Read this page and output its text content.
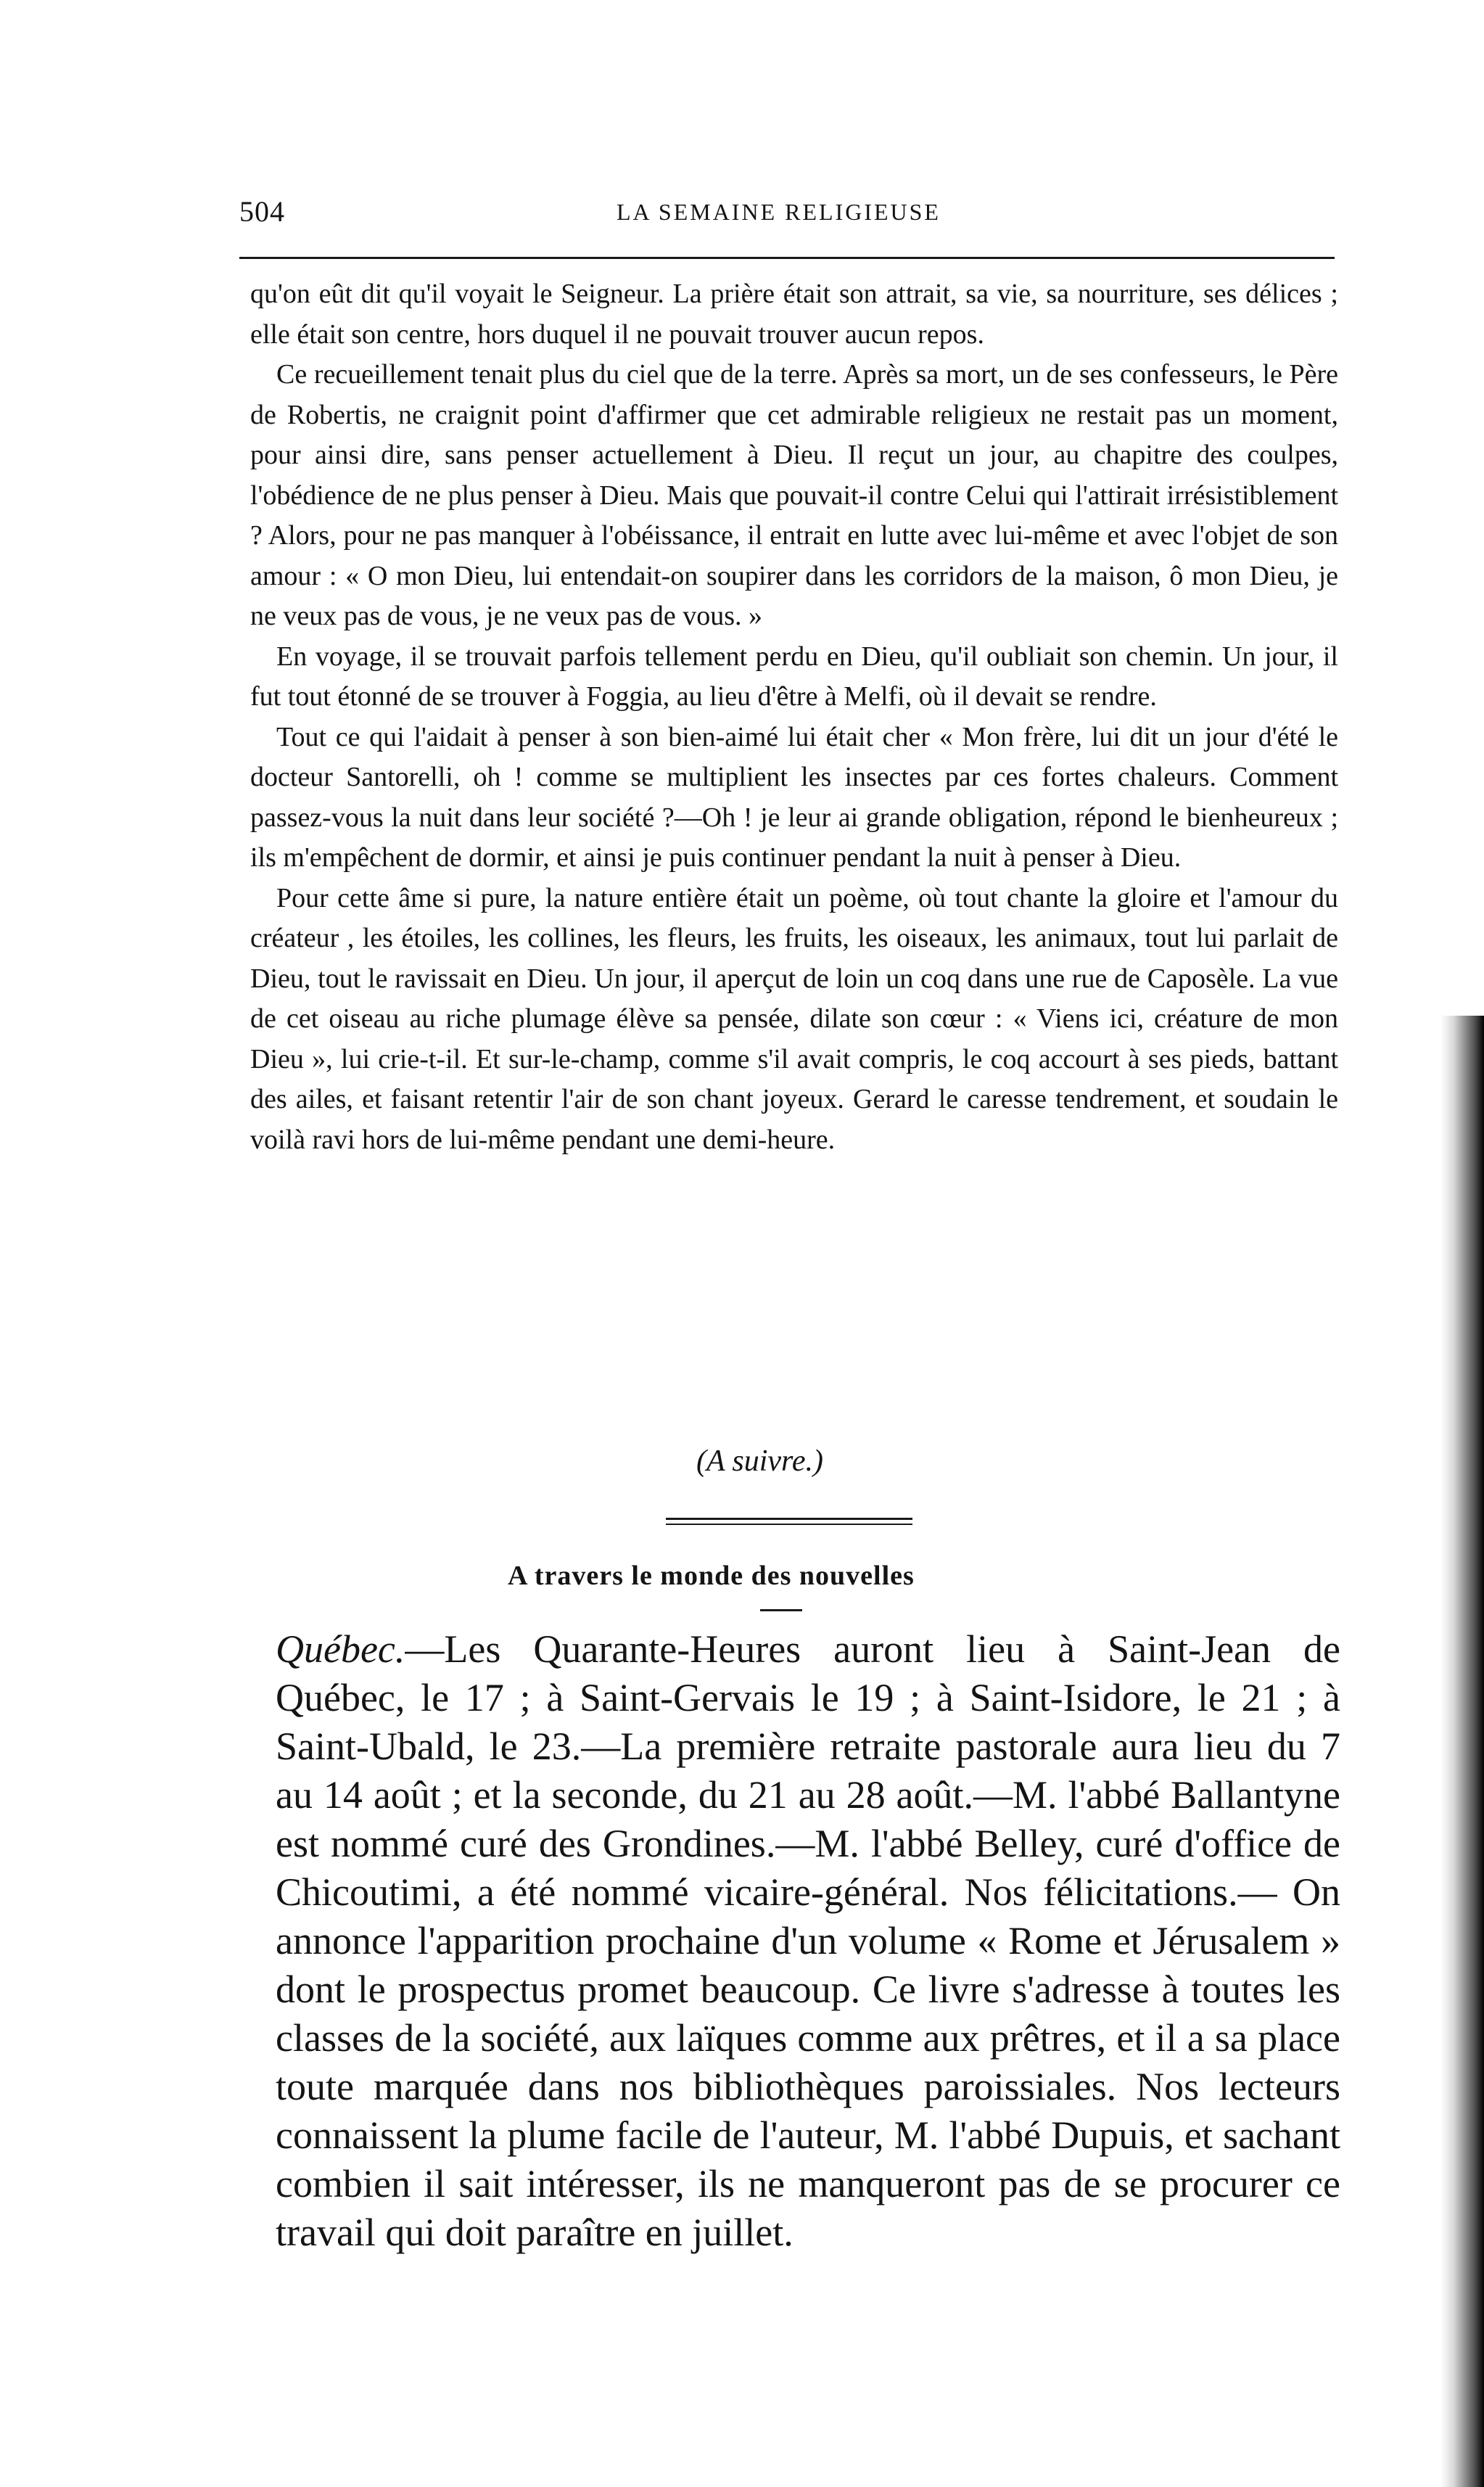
504	LA SEMAINE RELIGIEUSE

qu'on eût dit qu'il voyait le Seigneur. La prière était son attrait, sa vie, sa nourriture, ses délices ; elle était son centre, hors duquel il ne pouvait trouver aucun repos.

Ce recueillement tenait plus du ciel que de la terre. Après sa mort, un de ses confesseurs, le Père de Robertis, ne craignit point d'affirmer que cet admirable religieux ne restait pas un moment, pour ainsi dire, sans penser actuellement à Dieu. Il reçut un jour, au chapitre des coulpes, l'obédience de ne plus penser à Dieu. Mais que pouvait-il contre Celui qui l'attirait irrésistiblement ? Alors, pour ne pas manquer à l'obéissance, il entrait en lutte avec lui-même et avec l'objet de son amour : « O mon Dieu, lui entendait-on soupirer dans les corridors de la maison, ô mon Dieu, je ne veux pas de vous, je ne veux pas de vous. »

En voyage, il se trouvait parfois tellement perdu en Dieu, qu'il oubliait son chemin. Un jour, il fut tout étonné de se trouver à Foggia, au lieu d'être à Melfi, où il devait se rendre.

Tout ce qui l'aidait à penser à son bien-aimé lui était cher « Mon frère, lui dit un jour d'été le docteur Santorelli, oh ! comme se multiplient les insectes par ces fortes chaleurs. Comment passez-vous la nuit dans leur société ?—Oh ! je leur ai grande obligation, répond le bienheureux ; ils m'empêchent de dormir, et ainsi je puis continuer pendant la nuit à penser à Dieu.

Pour cette âme si pure, la nature entière était un poème, où tout chante la gloire et l'amour du créateur , les étoiles, les collines, les fleurs, les fruits, les oiseaux, les animaux, tout lui parlait de Dieu, tout le ravissait en Dieu. Un jour, il aperçut de loin un coq dans une rue de Caposèle. La vue de cet oiseau au riche plumage élève sa pensée, dilate son cœur : « Viens ici, créature de mon Dieu », lui crie-t-il. Et sur-le-champ, comme s'il avait compris, le coq accourt à ses pieds, battant des ailes, et faisant retentir l'air de son chant joyeux. Gerard le caresse tendrement, et soudain le voilà ravi hors de lui-même pendant une demi-heure.

(A suivre.)
A travers le monde des nouvelles

Québec.—Les Quarante-Heures auront lieu à Saint-Jean de Québec, le 17 ; à Saint-Gervais le 19 ; à Saint-Isidore, le 21 ; à Saint-Ubald, le 23.—La première retraite pastorale aura lieu du 7 au 14 août ; et la seconde, du 21 au 28 août.—M. l'abbé Ballantyne est nommé curé des Grondines.—M. l'abbé Belley, curé d'office de Chicoutimi, a été nommé vicaire-général. Nos félicitations.— On annonce l'apparition prochaine d'un volume « Rome et Jérusalem » dont le prospectus promet beaucoup. Ce livre s'adresse à toutes les classes de la société, aux laïques comme aux prêtres, et il a sa place toute marquée dans nos bibliothèques paroissiales. Nos lecteurs connaissent la plume facile de l'auteur, M. l'abbé Dupuis, et sachant combien il sait intéresser, ils ne manqueront pas de se procurer ce travail qui doit paraître en juillet.
